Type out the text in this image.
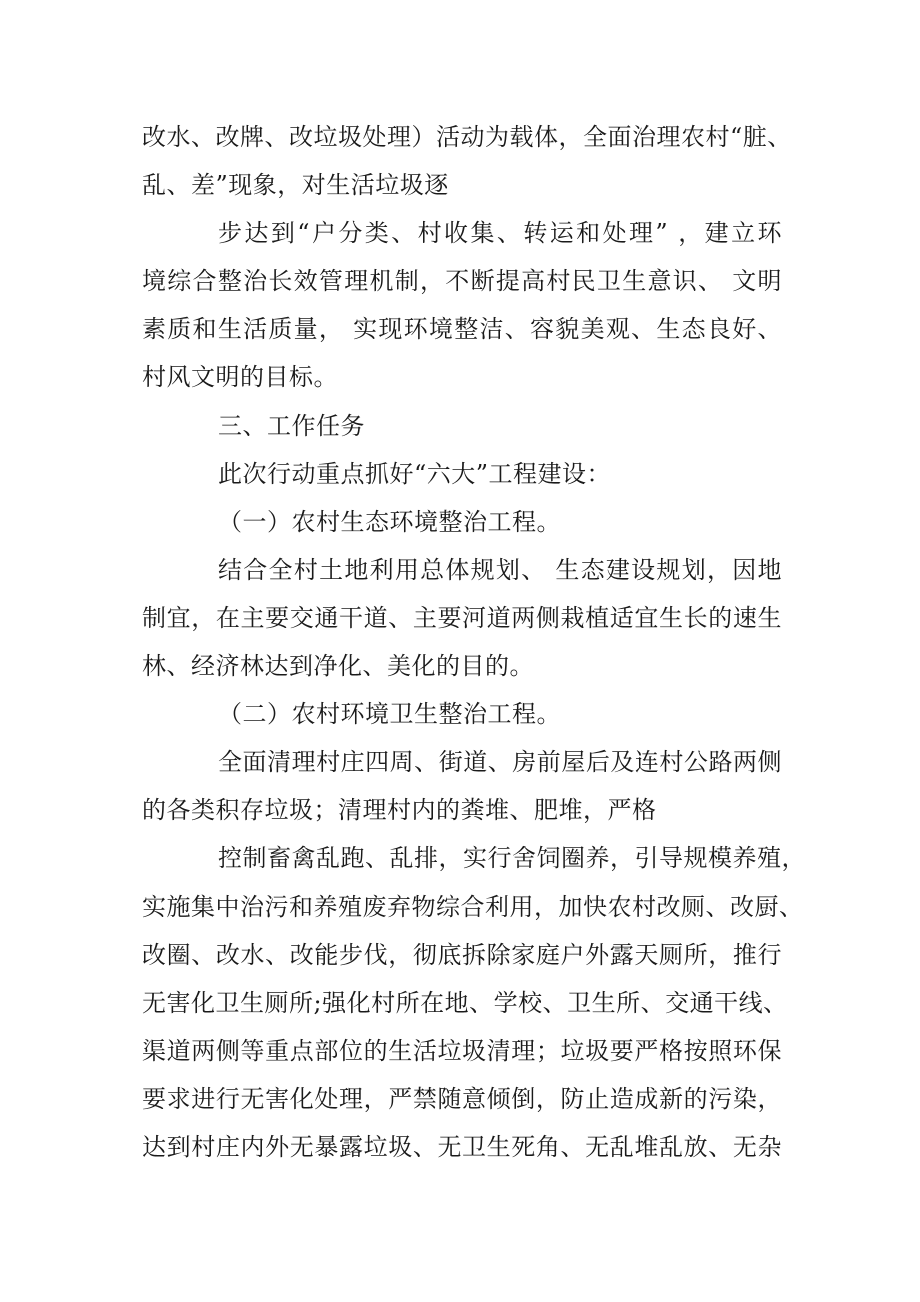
改水、改牌、改垃圾处理）活动为载体，全面治理农村“脏、
乱、差”现象，对生活垃圾逐
步达到“户分类、村收集、转运和处理” ，建立环
境综合整治长效管理机制，不断提高村民卫生意识、 文明
素质和生活质量， 实现环境整洁、容貌美观、生态良好、
村风文明的目标。
三、工作任务
此次行动重点抓好“六大”工程建设：
（一）农村生态环境整治工程。
结合全村土地利用总体规划、 生态建设规划，因地
制宜，在主要交通干道、主要河道两侧栽植适宜生长的速生
林、经济林达到净化、美化的目的。
（二）农村环境卫生整治工程。
全面清理村庄四周、街道、房前屋后及连村公路两侧
的各类积存垃圾；清理村内的粪堆、肥堆，严格
控制畜禽乱跑、乱排，实行舍饲圈养，引导规模养殖，
实施集中治污和养殖废弃物综合利用，加快农村改厕、改厨、
改圈、改水、改能步伐，彻底拆除家庭户外露天厕所，推行
无害化卫生厕所;强化村所在地、学校、卫生所、交通干线、
渠道两侧等重点部位的生活垃圾清理；垃圾要严格按照环保
要求进行无害化处理，严禁随意倾倒，防止造成新的污染，
达到村庄内外无暴露垃圾、无卫生死角、无乱堆乱放、无杂
